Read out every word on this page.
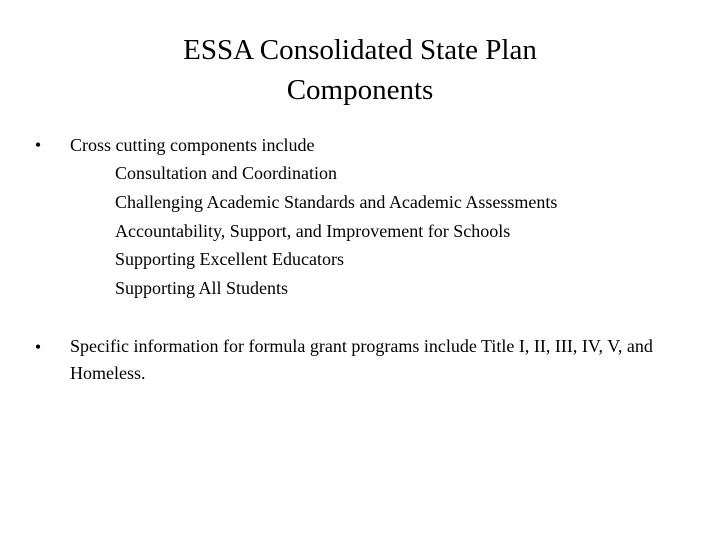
ESSA Consolidated State Plan
Components
•	Cross cutting components include
Consultation and Coordination
Challenging Academic Standards and Academic Assessments
Accountability, Support, and Improvement for Schools
Supporting Excellent Educators
Supporting All Students
•	Specific information for formula grant programs include Title I, II, III, IV, V, and Homeless.
